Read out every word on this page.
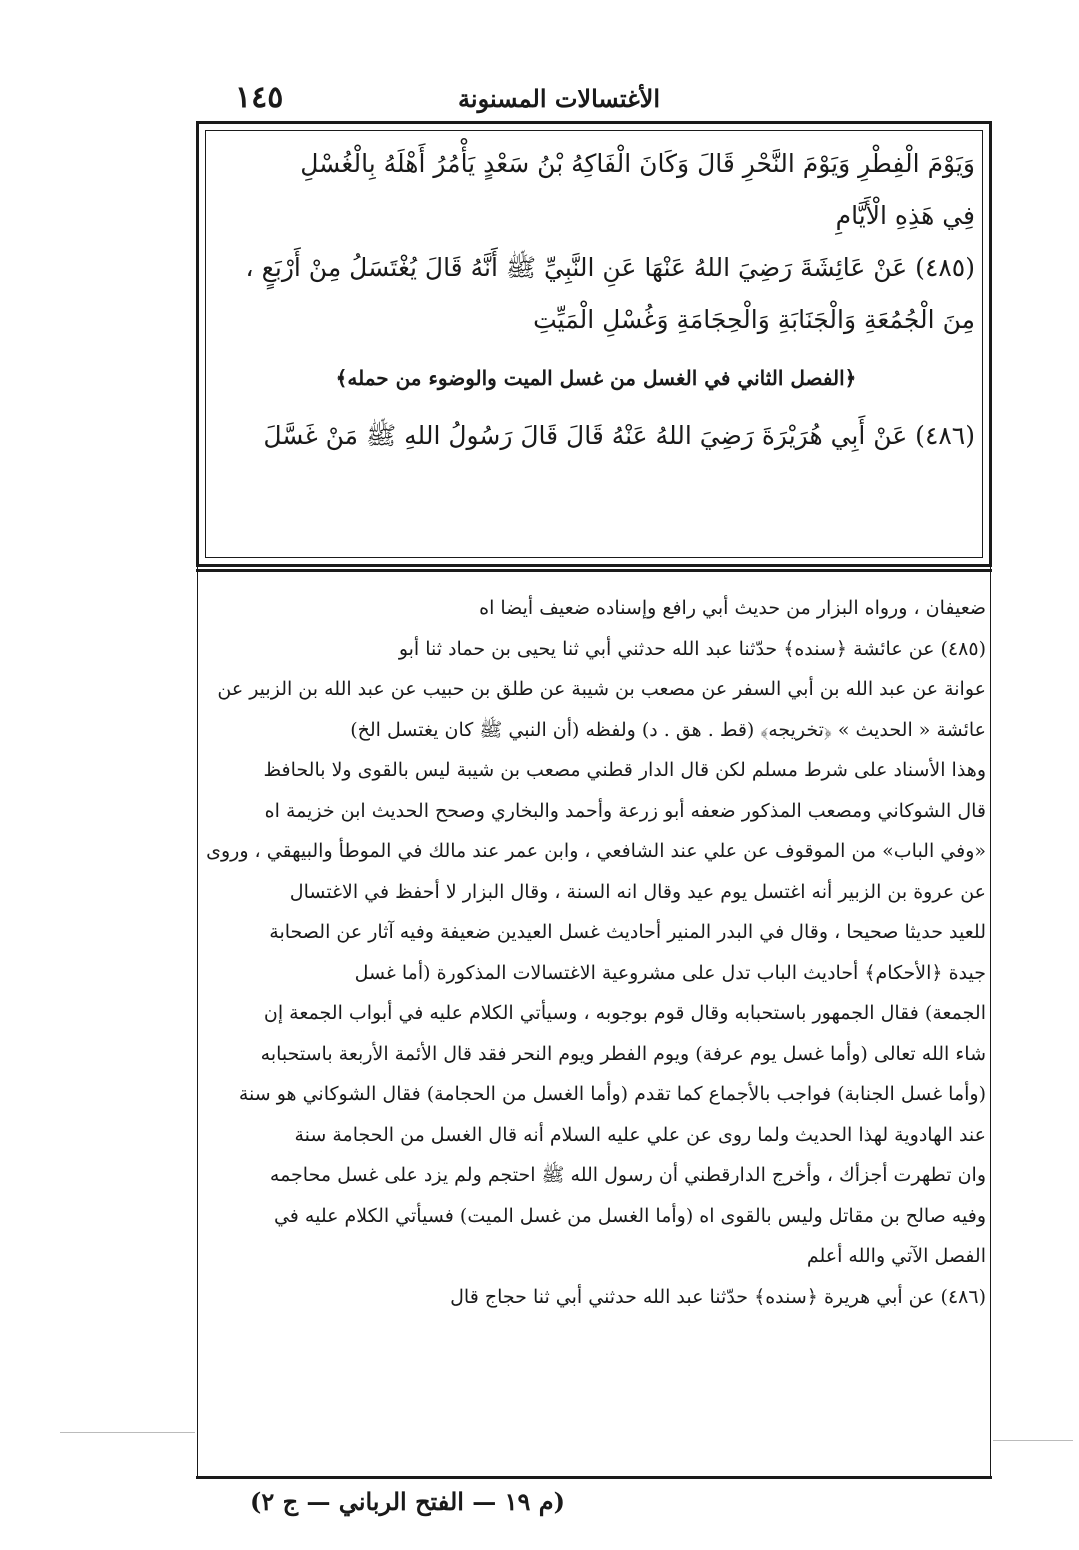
١٤٥	الأغتسالات المسنونة

وَيَوْمَ الْفِطْرِ وَيَوْمَ النَّحْرِ قَالَ وَكَانَ الْفَاكِهُ بْنُ سَعْدٍ يَأْمُرُ أَهْلَهُ بِالْغُسْلِ

فِي هَذِهِ الْأَيَّامِ

(٤٨٥) عَنْ عَائِشَةَ رَضِيَ اللهُ عَنْهَا عَنِ النَّبِيِّ ﷺ أَنَّهُ قَالَ يُغْتَسَلُ مِنْ أَرْبَعٍ ،

مِنَ الْجُمُعَةِ وَالْجَنَابَةِ وَالْحِجَامَةِ وَغُسْلِ الْمَيِّتِ

﴿الفصل الثاني في الغسل من غسل الميت والوضوء من حمله﴾

(٤٨٦) عَنْ أَبِي هُرَيْرَةَ رَضِيَ اللهُ عَنْهُ قَالَ قَالَ رَسُولُ اللهِ ﷺ مَنْ غَسَّلَ

ضعيفان ، ورواه البزار من حديث أبي رافع وإسناده ضعيف أيضا اه

(٤٨٥) عن عائشة ﴿سنده﴾ حدّثنا عبد الله حدثني أبي ثنا يحيى بن حماد ثنا أبو

عوانة عن عبد الله بن أبي السفر عن مصعب بن شيبة عن طلق بن حبيب عن عبد الله بن الزبير عن

عائشة « الحديث » ﴿تخريجه﴾ (قط . هق . د) ولفظه (أن النبي ﷺ كان يغتسل الخ)

وهذا الأسناد على شرط مسلم لكن قال الدار قطني مصعب بن شيبة ليس بالقوى ولا بالحافظ

قال الشوكاني ومصعب المذكور ضعفه أبو زرعة وأحمد والبخاري وصحح الحديث ابن خزيمة اه

«وفي الباب» من الموقوف عن علي عند الشافعي ، وابن عمر عند مالك في الموطأ والبيهقي ، وروى

عن عروة بن الزبير أنه اغتسل يوم عيد وقال انه السنة ، وقال البزار لا أحفظ في الاغتسال

للعيد حديثا صحيحا ، وقال في البدر المنير أحاديث غسل العيدين ضعيفة وفيه آثار عن الصحابة

جيدة ﴿الأحكام﴾ أحاديث الباب تدل على مشروعية الاغتسالات المذكورة (أما غسل

الجمعة) فقال الجمهور باستحبابه وقال قوم بوجوبه ، وسيأتي الكلام عليه في أبواب الجمعة إن

شاء الله تعالى (وأما غسل يوم عرفة) ويوم الفطر ويوم النحر فقد قال الأئمة الأربعة باستحبابه

(وأما غسل الجنابة) فواجب بالأجماع كما تقدم (وأما الغسل من الحجامة) فقال الشوكاني هو سنة

عند الهادوية لهذا الحديث ولما روى عن علي عليه السلام أنه قال الغسل من الحجامة سنة

وان تطهرت أجزأك ، وأخرج الدارقطني أن رسول الله ﷺ احتجم ولم يزد على غسل محاجمه

وفيه صالح بن مقاتل وليس بالقوى اه (وأما الغسل من غسل الميت) فسيأتي الكلام عليه في

الفصل الآتي والله أعلم

(٤٨٦) عن أبي هريرة ﴿سنده﴾ حدّثنا عبد الله حدثني أبي ثنا حجاج قال

(م ١٩ — الفتح الرباني — ج ٢)
